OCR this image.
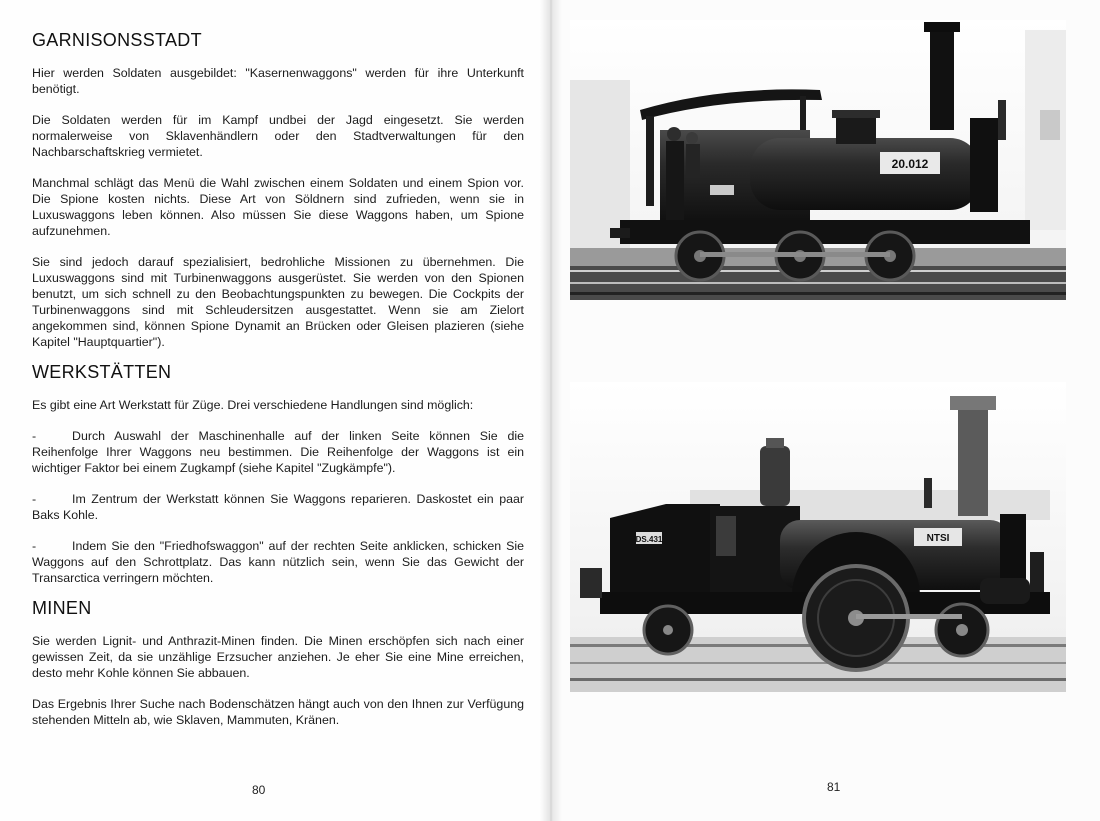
GARNISONSSTADT

Hier werden Soldaten ausgebildet: "Kasernenwaggons" werden für ihre Unterkunft benötigt.

Die Soldaten werden für im Kampf undbei der Jagd eingesetzt. Sie werden normalerweise von Sklavenhändlern oder den Stadtverwaltungen für den Nachbarschaftskrieg vermietet.

Manchmal schlägt das Menü die Wahl zwischen einem Soldaten und einem Spion vor. Die Spione kosten nichts. Diese Art von Söldnern sind zufrieden, wenn sie in Luxuswaggons leben können. Also müssen Sie diese Waggons haben, um Spione aufzunehmen.

Sie sind jedoch darauf spezialisiert, bedrohliche Missionen zu übernehmen. Die Luxuswaggons sind mit Turbinenwaggons ausgerüstet. Sie werden von den Spionen benutzt, um sich schnell zu den Beobachtungspunkten zu bewegen. Die Cockpits der Turbinenwaggons sind mit Schleudersitzen ausgestattet. Wenn sie am Zielort angekommen sind, können Spione Dynamit an Brücken oder Gleisen plazieren (siehe Kapitel "Hauptquartier").

WERKSTÄTTEN

Es gibt eine Art Werkstatt für Züge. Drei verschiedene Handlungen sind möglich:

-	Durch Auswahl der Maschinenhalle auf der linken Seite können Sie die Reihenfolge Ihrer Waggons neu bestimmen. Die Reihenfolge der Waggons ist ein wichtiger Faktor bei einem Zugkampf (siehe Kapitel "Zugkämpfe").

-	Im Zentrum der Werkstatt können Sie Waggons reparieren. Daskostet ein paar Baks Kohle.

-	Indem Sie den "Friedhofswaggon" auf der rechten Seite anklicken, schicken Sie Waggons auf den Schrottplatz. Das kann nützlich sein, wenn Sie das Gewicht der Transarctica verringern möchten.

MINEN

Sie werden Lignit- und Anthrazit-Minen finden. Die Minen erschöpfen sich nach einer gewissen Zeit, da sie unzählige Erzsucher anziehen. Je eher Sie eine Mine erreichen, desto mehr Kohle können Sie abbauen.

Das Ergebnis Ihrer Suche nach Bodenschätzen hängt auch von den Ihnen zur Verfügung stehenden Mitteln ab, wie Sklaven, Mammuten, Kränen.

80
20.012
DS.431	NTSI
81
